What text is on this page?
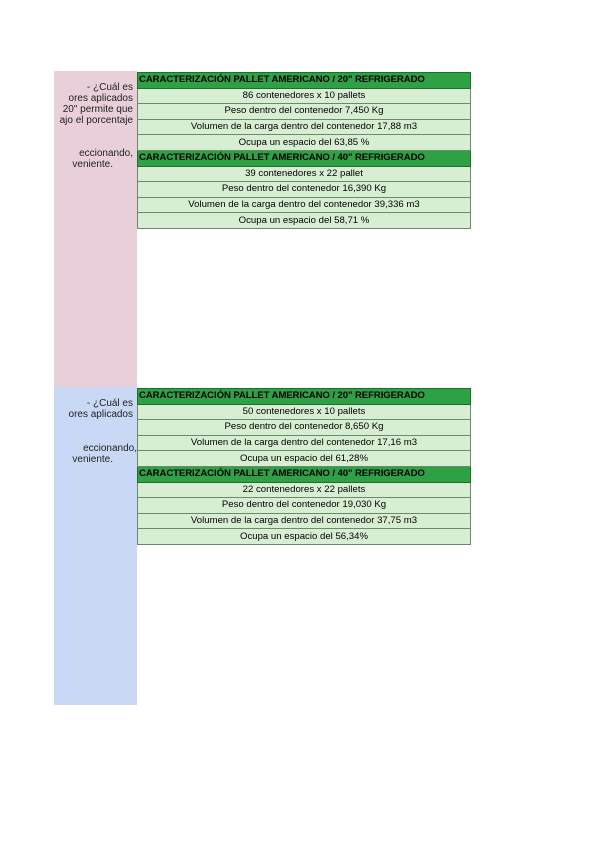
- ¿Cuál es
ores aplicados
20" permite que
ajo el porcentaje
eccionando,
veniente.
CARACTERIZACIÓN PALLET AMERICANO / 20" REFRIGERADO
86 contenedores x 10 pallets
Peso dentro del contenedor 7,450 Kg
Volumen de la carga dentro del contenedor 17,88 m3
Ocupa un espacio del 63,85 %
CARACTERIZACIÓN PALLET AMERICANO / 40" REFRIGERADO
39 contenedores x 22 pallet
Peso dentro del contenedor 16,390 Kg
Volumen de la carga dentro del contenedor 39,336 m3
Ocupa un espacio del 58,71 %
- ¿Cuál es
ores aplicados
eccionando,
veniente.
CARACTERIZACIÓN PALLET AMERICANO / 20" REFRIGERADO
50 contenedores x 10 pallets
Peso dentro del contenedor 8,650 Kg
Volumen de la carga dentro del contenedor 17,16 m3
Ocupa un espacio del 61,28%
CARACTERIZACIÓN PALLET AMERICANO / 40" REFRIGERADO
22 contenedores x 22 pallets
Peso dentro del contenedor 19,030 Kg
Volumen de la carga dentro del contenedor 37,75 m3
Ocupa un espacio del 56,34%
